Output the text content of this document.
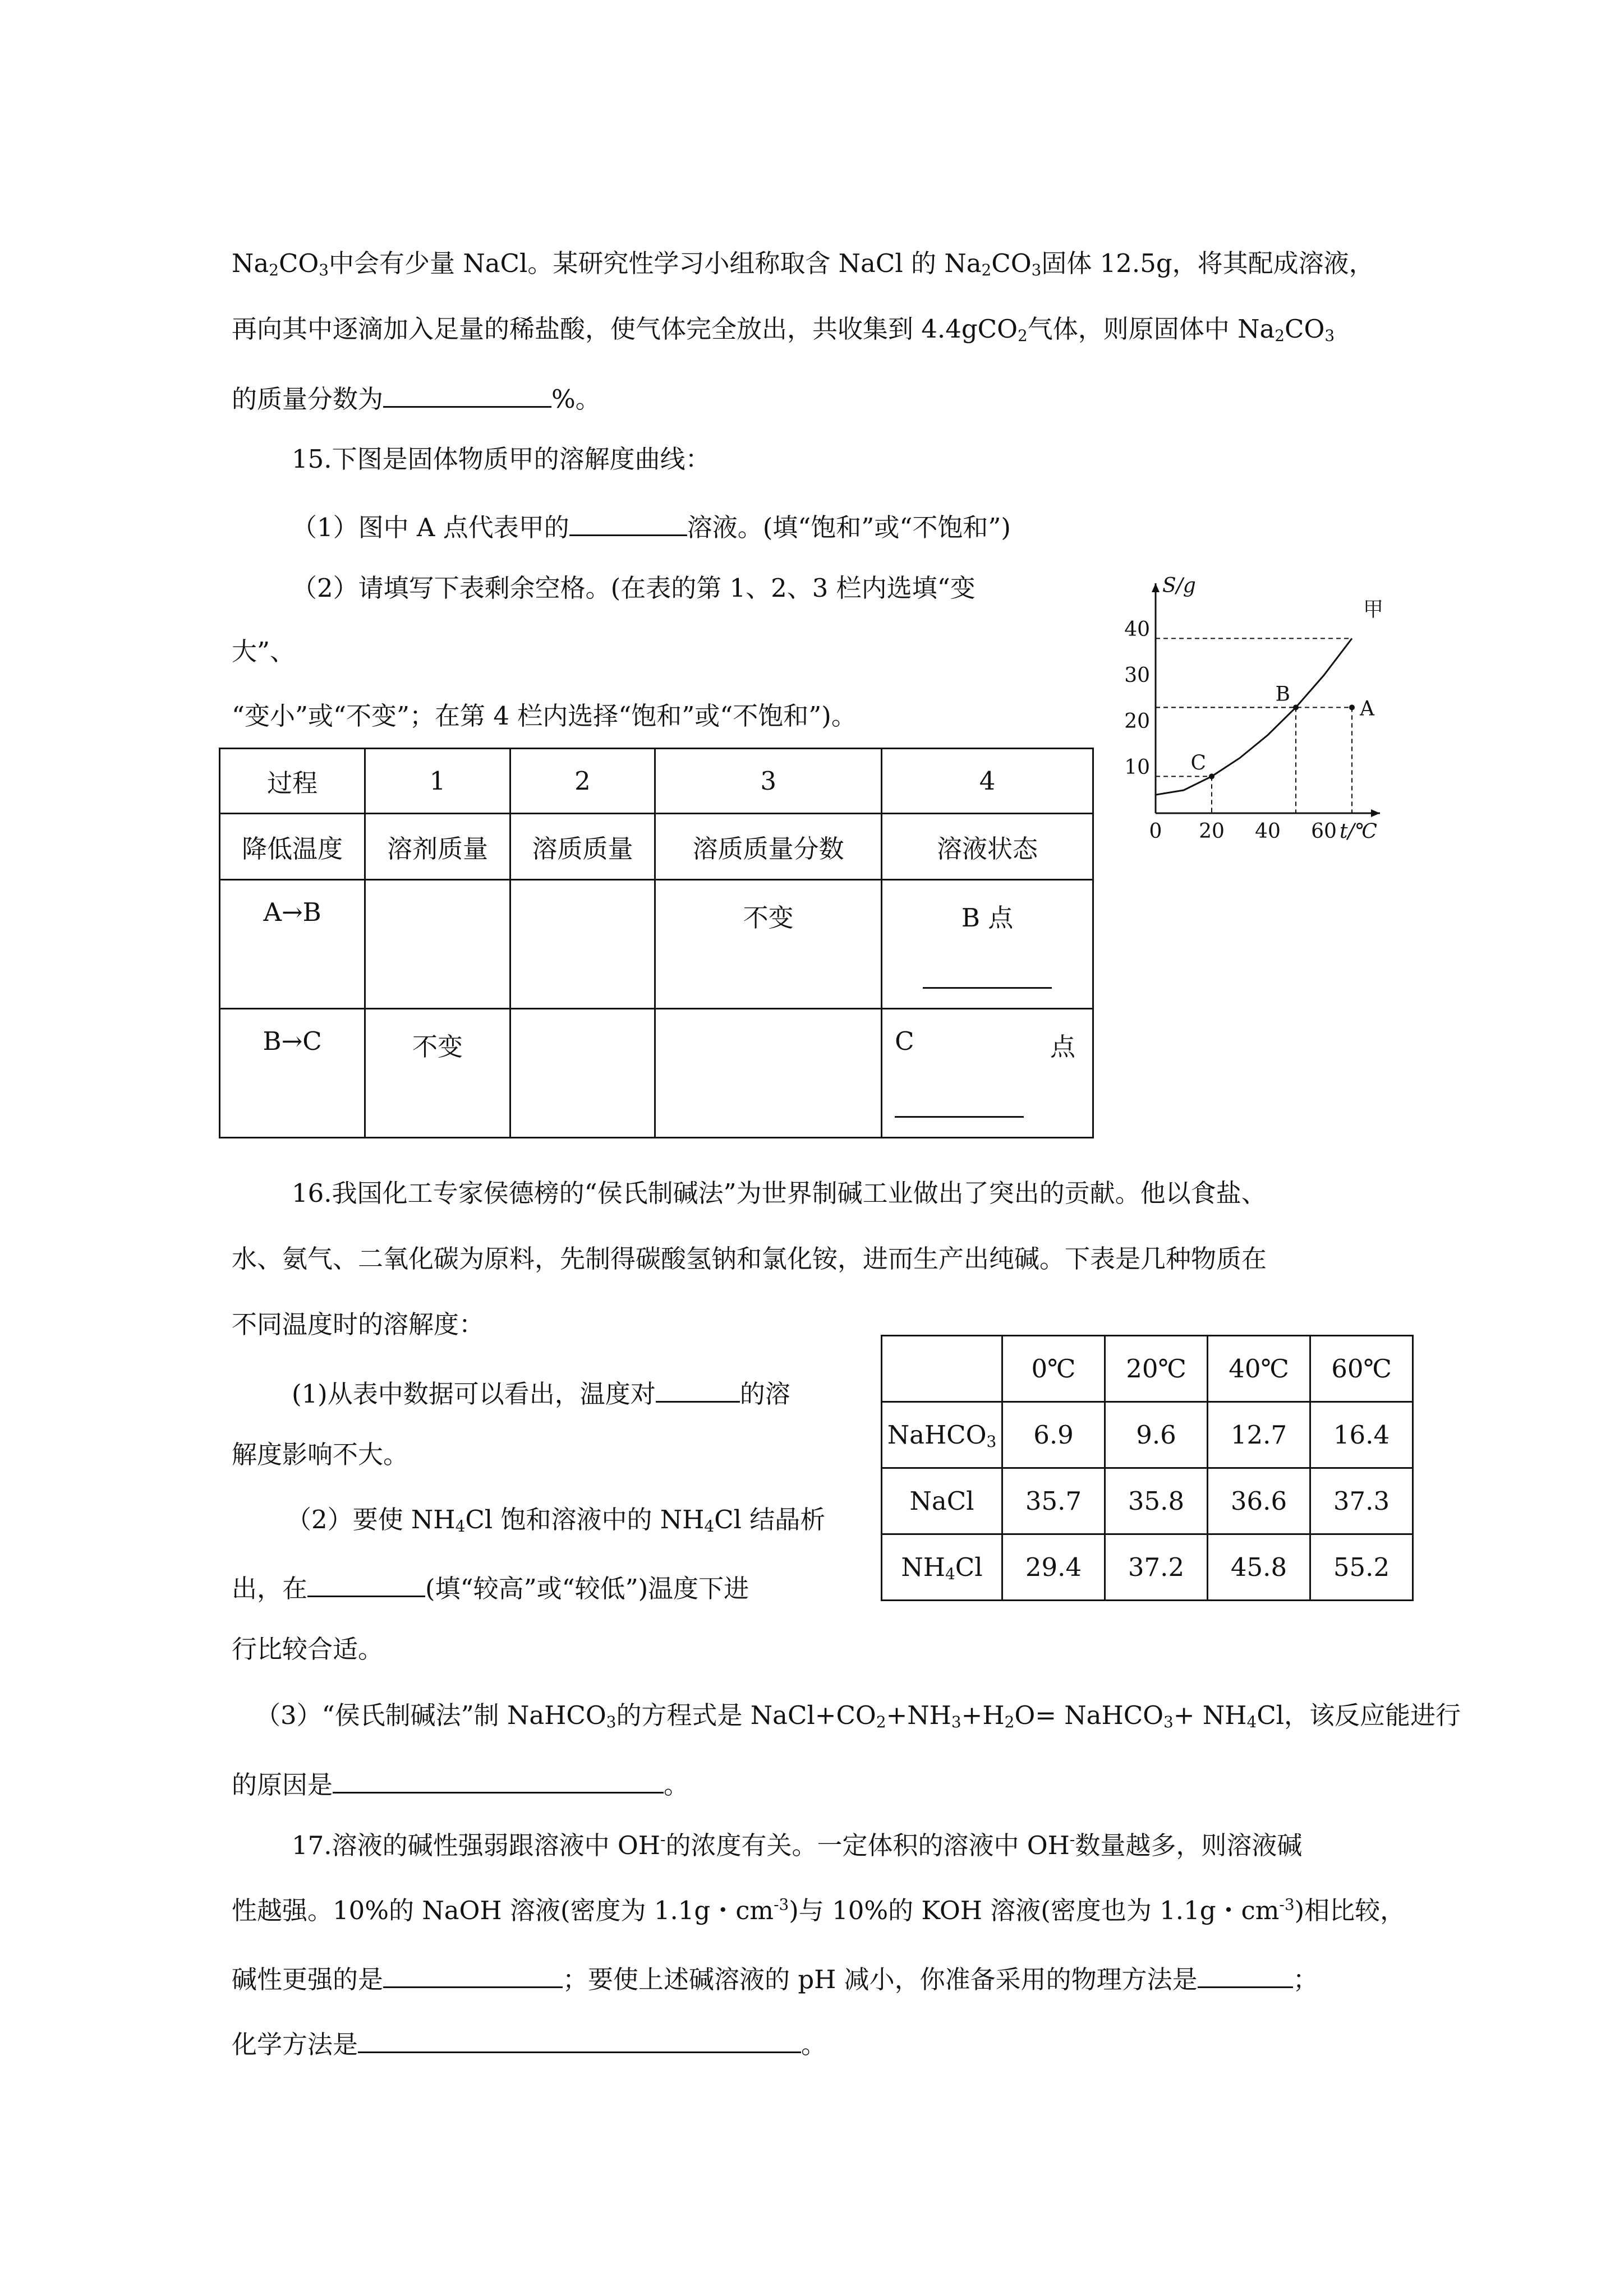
$Na_2CO_3$中会有少量 NaCl。某研究性学习小组称取含 NaCl 的 $Na_2CO_3$固体 12.5g，将其配成溶液，
再向其中逐滴加入足量的稀盐酸，使气体完全放出，共收集到 4.4gCO$_2$气体，则原固体中 $Na_2CO_3$
的质量分数为	%。
15.下图是固体物质甲的溶解度曲线：
（1）图中 A 点代表甲的	溶液。(填“饱和”或“不饱和”)
（2）请填写下表剩余空格。(在表的第 1、2、3 栏内选填“变
大”、
“变小”或“不变”；在第 4 栏内选择“饱和”或“不饱和”)。
过程	1	2	3	4
降低温度	溶剂质量	溶质质量	溶质质量分数	溶液状态
A→B			不变	B 点

B→C	不变			C 点
S/g
t/℃
0 20 40 60
10
20
30
40
甲
C
B
A
16.我国化工专家侯德榜的“侯氏制碱法”为世界制碱工业做出了突出的贡献。他以食盐、
水、氨气、二氧化碳为原料，先制得碳酸氢钠和氯化铵，进而生产出纯碱。下表是几种物质在
不同温度时的溶解度：
(1)从表中数据可以看出，温度对	的溶
解度影响不大。
（2）要使 $NH_4Cl$ 饱和溶液中的 $NH_4Cl$ 结晶析
出，在	(填“较高”或“较低”)温度下进
行比较合适。
	0℃	20℃	40℃	60℃
NaHCO$_3$	6.9	9.6	12.7	16.4
NaCl	35.7	35.8	36.6	37.3
$NH_4Cl$	29.4	37.2	45.8	55.2
（3）“侯氏制碱法”制 NaHCO$_3$的方程式是 $NaCl+CO_2+NH_3+H_2O=$ NaHCO$_3$+ $NH_4Cl$，该反应能进行
的原因是	。
17.溶液的碱性强弱跟溶液中 OH-的浓度有关。一定体积的溶液中 OH-数量越多，则溶液碱
性越强。10%的 NaOH 溶液(密度为 1.1g・$cm^{-3}$)与 10%的 KOH 溶液(密度也为 1.1g・$cm^{-3}$)相比较，
碱性更强的是	；要使上述碱溶液的 pH 减小，你准备采用的物理方法是	；
化学方法是	。
